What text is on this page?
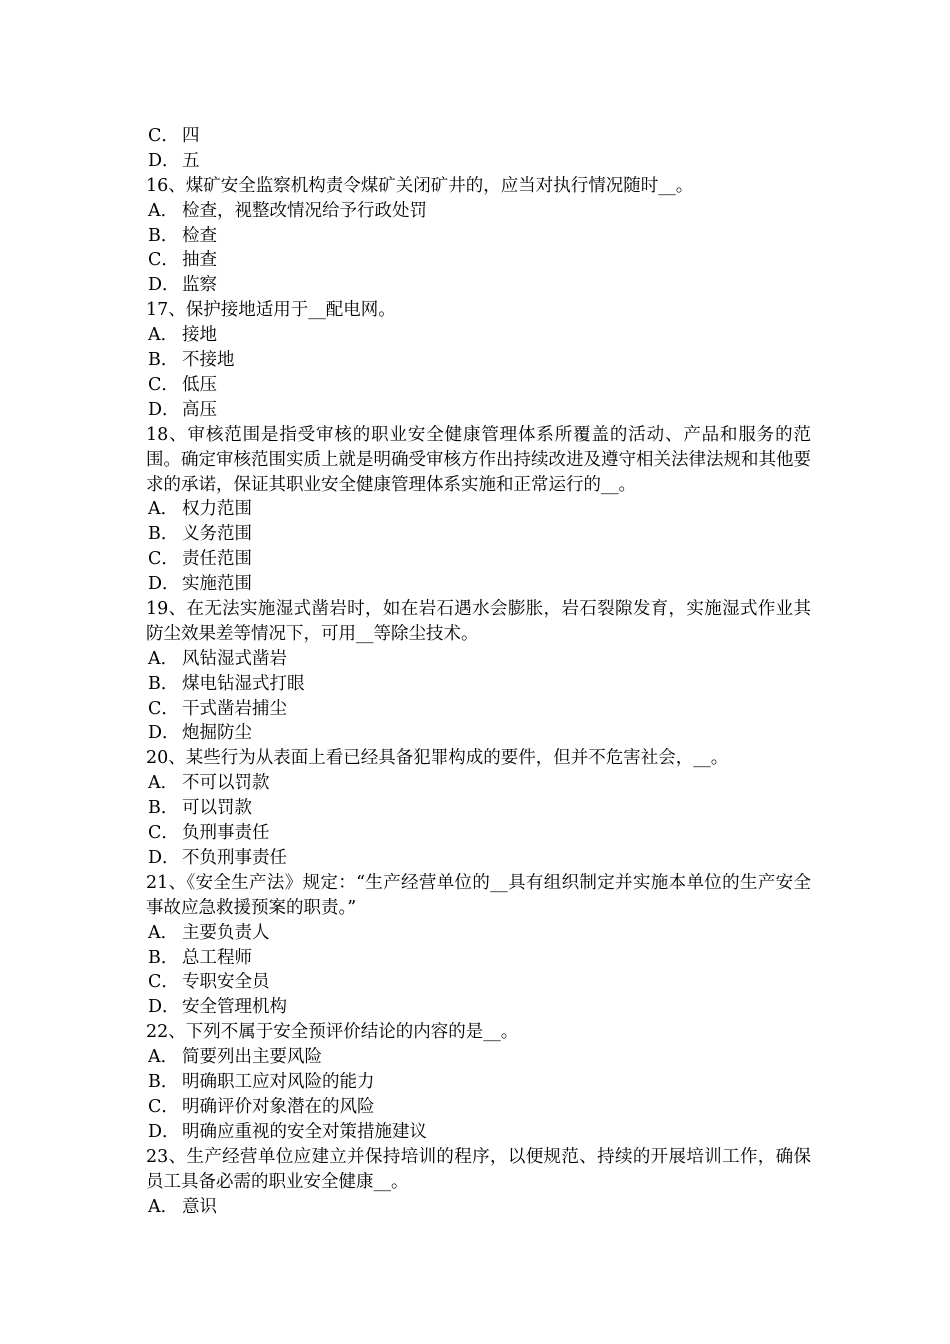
C． 四
D． 五
16、煤矿安全监察机构责令煤矿关闭矿井的，应当对执行情况随时__。
A． 检查，视整改情况给予行政处罚
B． 检查
C． 抽查
D． 监察
17、保护接地适用于__配电网。
A． 接地
B． 不接地
C． 低压
D． 高压
18、审核范围是指受审核的职业安全健康管理体系所覆盖的活动、产品和服务的范围。确定审核范围实质上就是明确受审核方作出持续改进及遵守相关法律法规和其他要求的承诺，保证其职业安全健康管理体系实施和正常运行的__。
A． 权力范围
B． 义务范围
C． 责任范围
D． 实施范围
19、在无法实施湿式凿岩时，如在岩石遇水会膨胀，岩石裂隙发育，实施湿式作业其防尘效果差等情况下，可用__等除尘技术。
A． 风钻湿式凿岩
B． 煤电钻湿式打眼
C． 干式凿岩捕尘
D． 炮掘防尘
20、某些行为从表面上看已经具备犯罪构成的要件，但并不危害社会，__。
A． 不可以罚款
B． 可以罚款
C． 负刑事责任
D． 不负刑事责任
21、《安全生产法》规定：“生产经营单位的__具有组织制定并实施本单位的生产安全事故应急救援预案的职责。”
A． 主要负责人
B． 总工程师
C． 专职安全员
D． 安全管理机构
22、下列不属于安全预评价结论的内容的是__。
A． 简要列出主要风险
B． 明确职工应对风险的能力
C． 明确评价对象潜在的风险
D． 明确应重视的安全对策措施建议
23、生产经营单位应建立并保持培训的程序，以便规范、持续的开展培训工作，确保员工具备必需的职业安全健康__。
A． 意识
